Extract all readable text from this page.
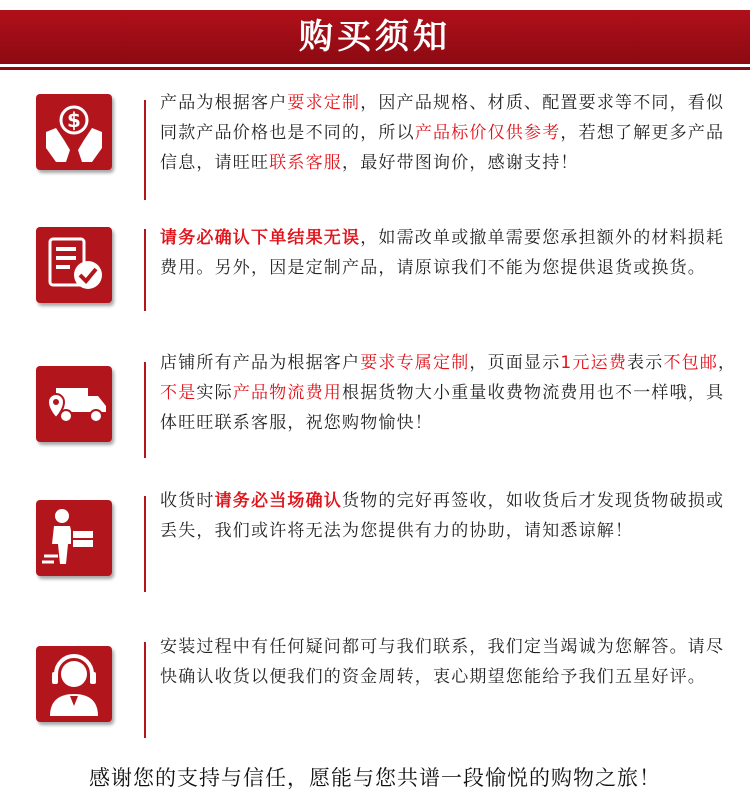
购买须知
$
产品为根据客户要求定制，因产品规格、材质、配置要求等不同，看似同款产品价格也是不同的，所以产品标价仅供参考，若想了解更多产品信息，请旺旺联系客服，最好带图询价，感谢支持！
请务必确认下单结果无误，如需改单或撤单需要您承担额外的材料损耗费用。另外，因是定制产品，请原谅我们不能为您提供退货或换货。
店铺所有产品为根据客户要求专属定制，页面显示1元运费表示不包邮，不是实际产品物流费用根据货物大小重量收费物流费用也不一样哦，具体旺旺联系客服，祝您购物愉快！
收货时请务必当场确认货物的完好再签收，如收货后才发现货物破损或丢失，我们或许将无法为您提供有力的协助，请知悉谅解！
安装过程中有任何疑问都可与我们联系，我们定当竭诚为您解答。请尽快确认收货以便我们的资金周转，衷心期望您能给予我们五星好评。
感谢您的支持与信任，愿能与您共谱一段愉悦的购物之旅！
